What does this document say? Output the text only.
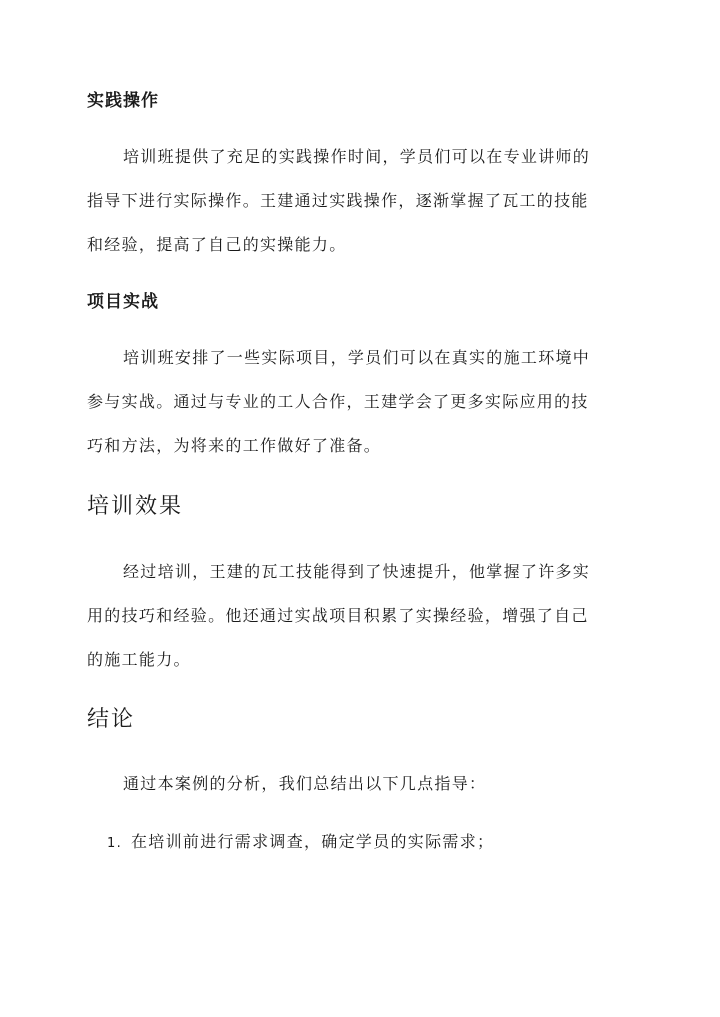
实践操作
培训班提供了充足的实践操作时间，学员们可以在专业讲师的
指导下进行实际操作。王建通过实践操作，逐渐掌握了瓦工的技能
和经验，提高了自己的实操能力。
项目实战
培训班安排了一些实际项目，学员们可以在真实的施工环境中
参与实战。通过与专业的工人合作，王建学会了更多实际应用的技
巧和方法，为将来的工作做好了准备。
培训效果
经过培训，王建的瓦工技能得到了快速提升，他掌握了许多实
用的技巧和经验。他还通过实战项目积累了实操经验，增强了自己
的施工能力。
结论
通过本案例的分析，我们总结出以下几点指导：
1. 在培训前进行需求调查，确定学员的实际需求；
